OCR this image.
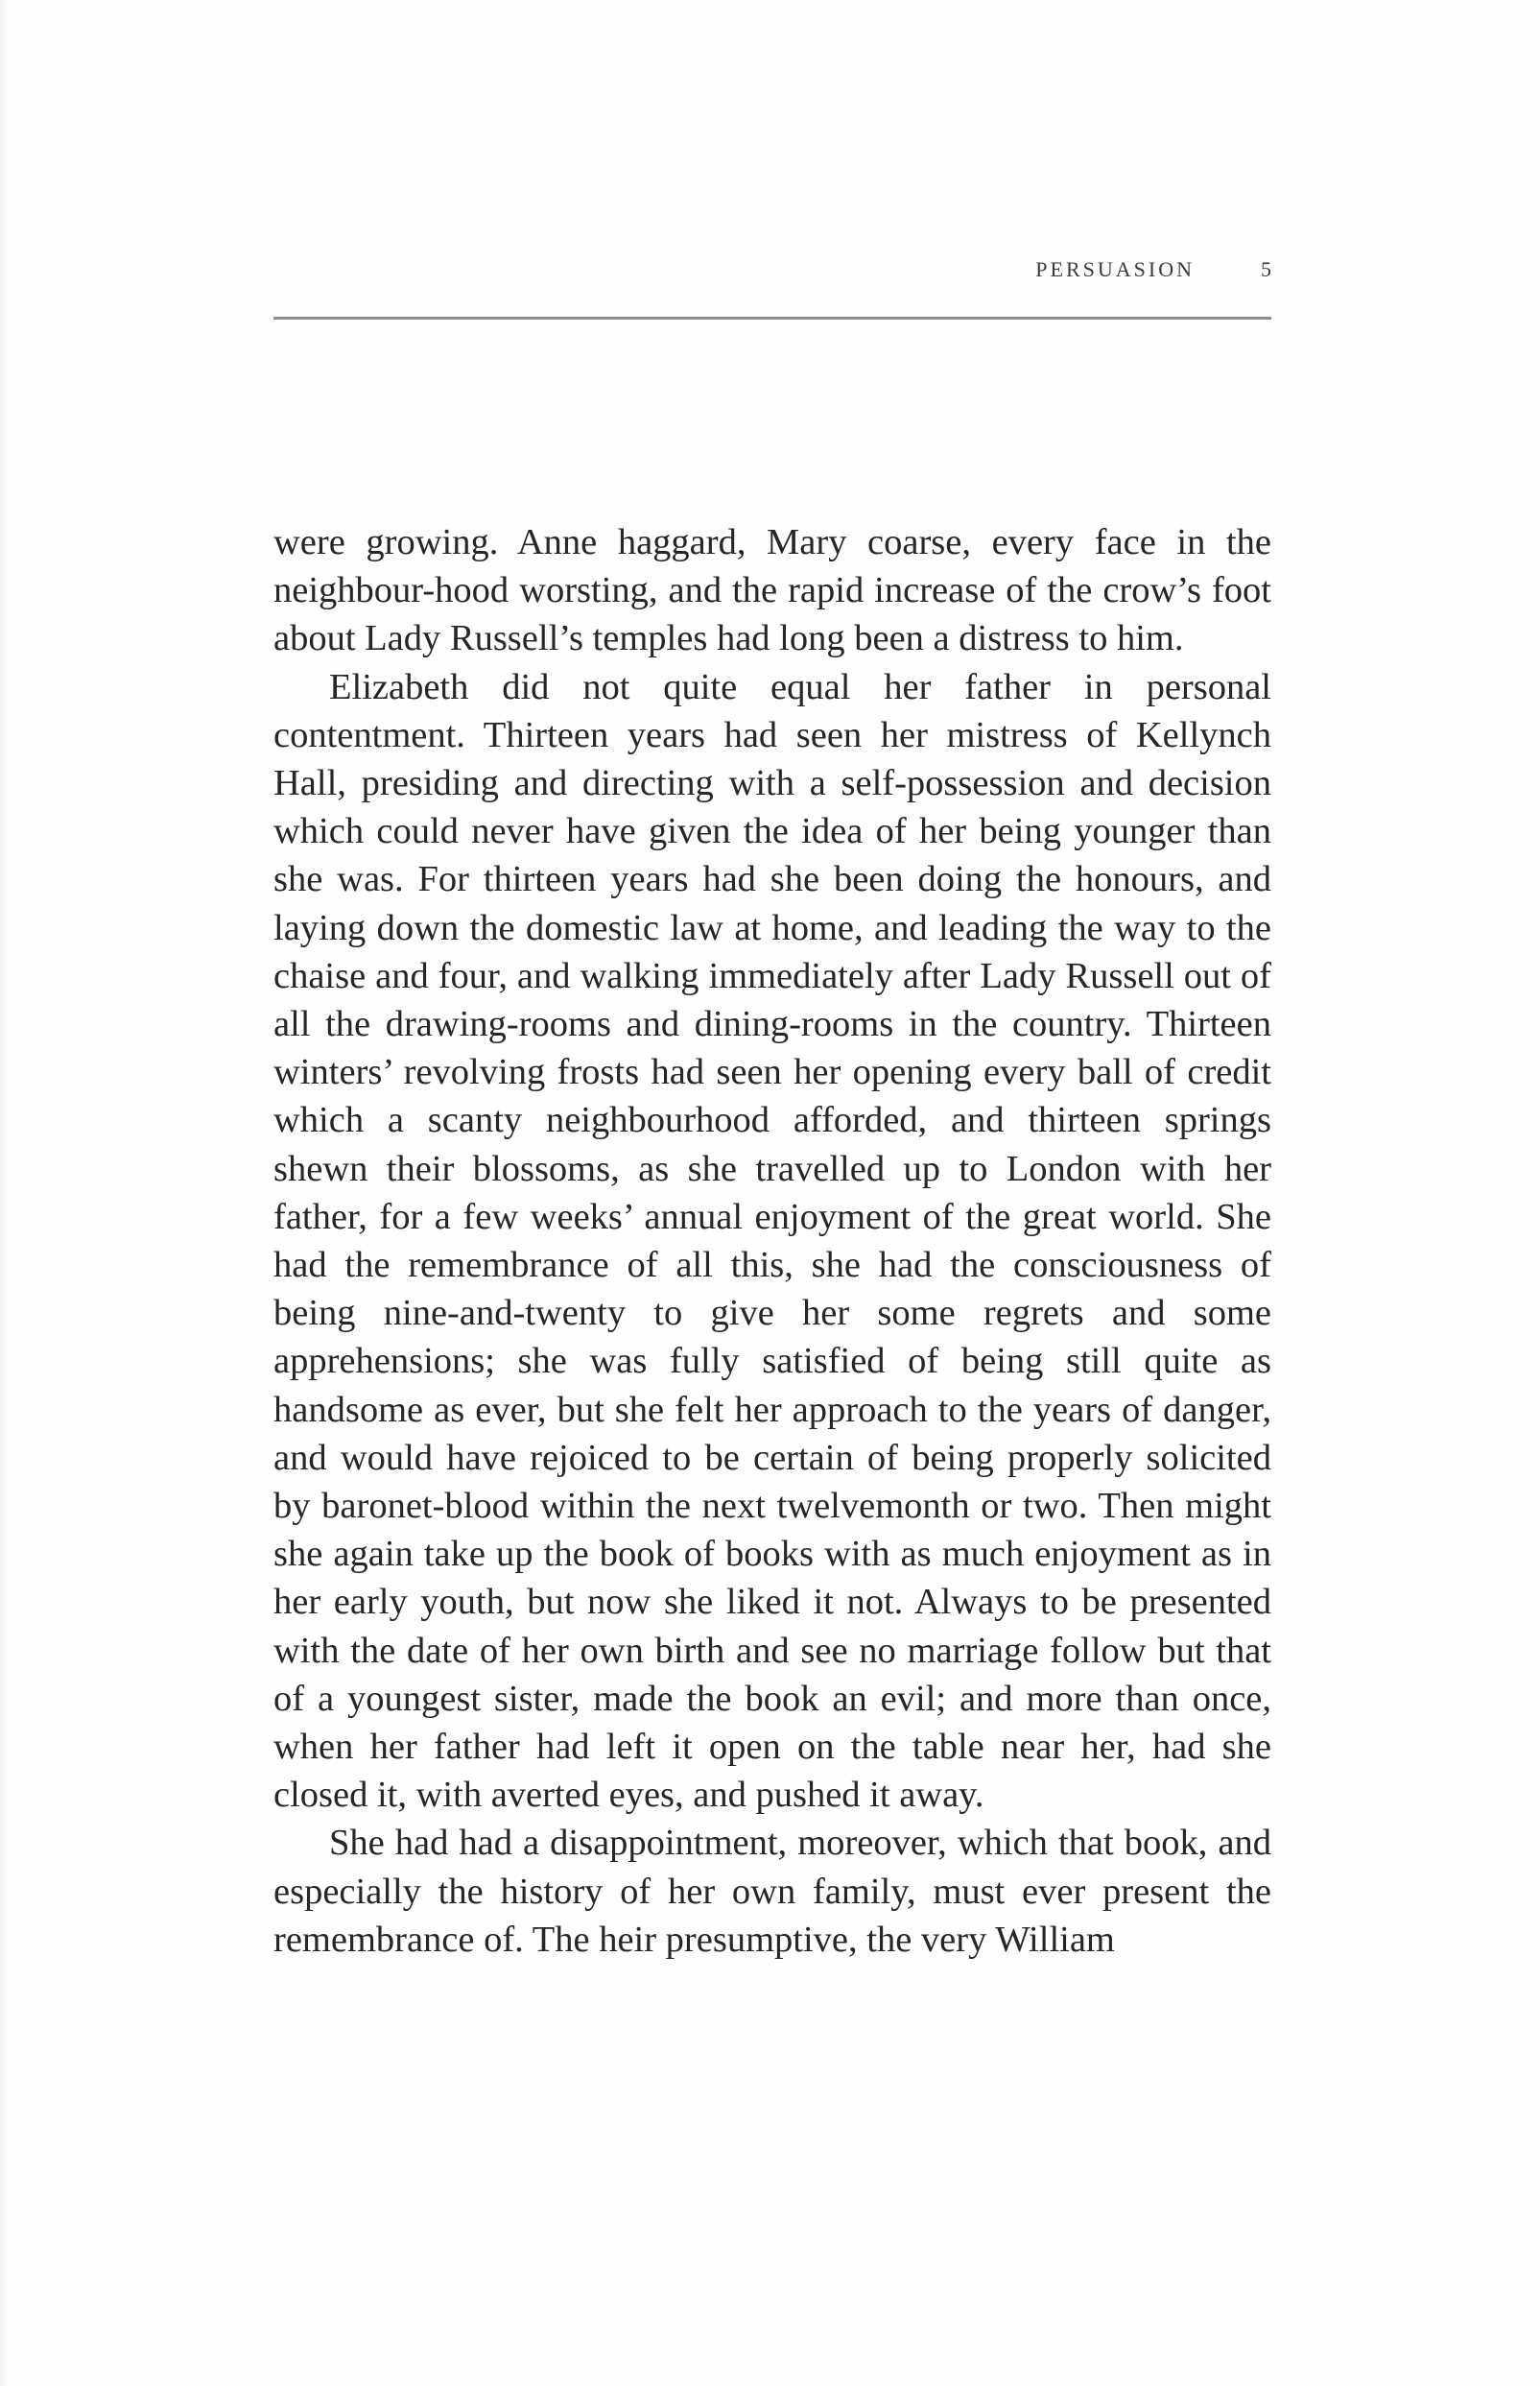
PERSUASION	5

were growing. Anne haggard, Mary coarse, every face in the neighbour-hood worsting, and the rapid increase of the crow’s foot about Lady Russell’s temples had long been a distress to him.

Elizabeth did not quite equal her father in personal contentment. Thirteen years had seen her mistress of Kellynch Hall, presiding and directing with a self-possession and decision which could never have given the idea of her being younger than she was. For thirteen years had she been doing the honours, and laying down the domestic law at home, and leading the way to the chaise and four, and walking immediately after Lady Russell out of all the drawing-rooms and dining-rooms in the country. Thirteen winters’ revolving frosts had seen her opening every ball of credit which a scanty neighbourhood afforded, and thirteen springs shewn their blossoms, as she travelled up to London with her father, for a few weeks’ annual enjoyment of the great world. She had the remembrance of all this, she had the consciousness of being nine-and-twenty to give her some regrets and some apprehensions; she was fully satisfied of being still quite as handsome as ever, but she felt her approach to the years of danger, and would have rejoiced to be certain of being properly solicited by baronet-blood within the next twelvemonth or two. Then might she again take up the book of books with as much enjoyment as in her early youth, but now she liked it not. Always to be presented with the date of her own birth and see no marriage follow but that of a youngest sister, made the book an evil; and more than once, when her father had left it open on the table near her, had she closed it, with averted eyes, and pushed it away.

She had had a disappointment, moreover, which that book, and especially the history of her own family, must ever present the remembrance of. The heir presumptive, the very William
